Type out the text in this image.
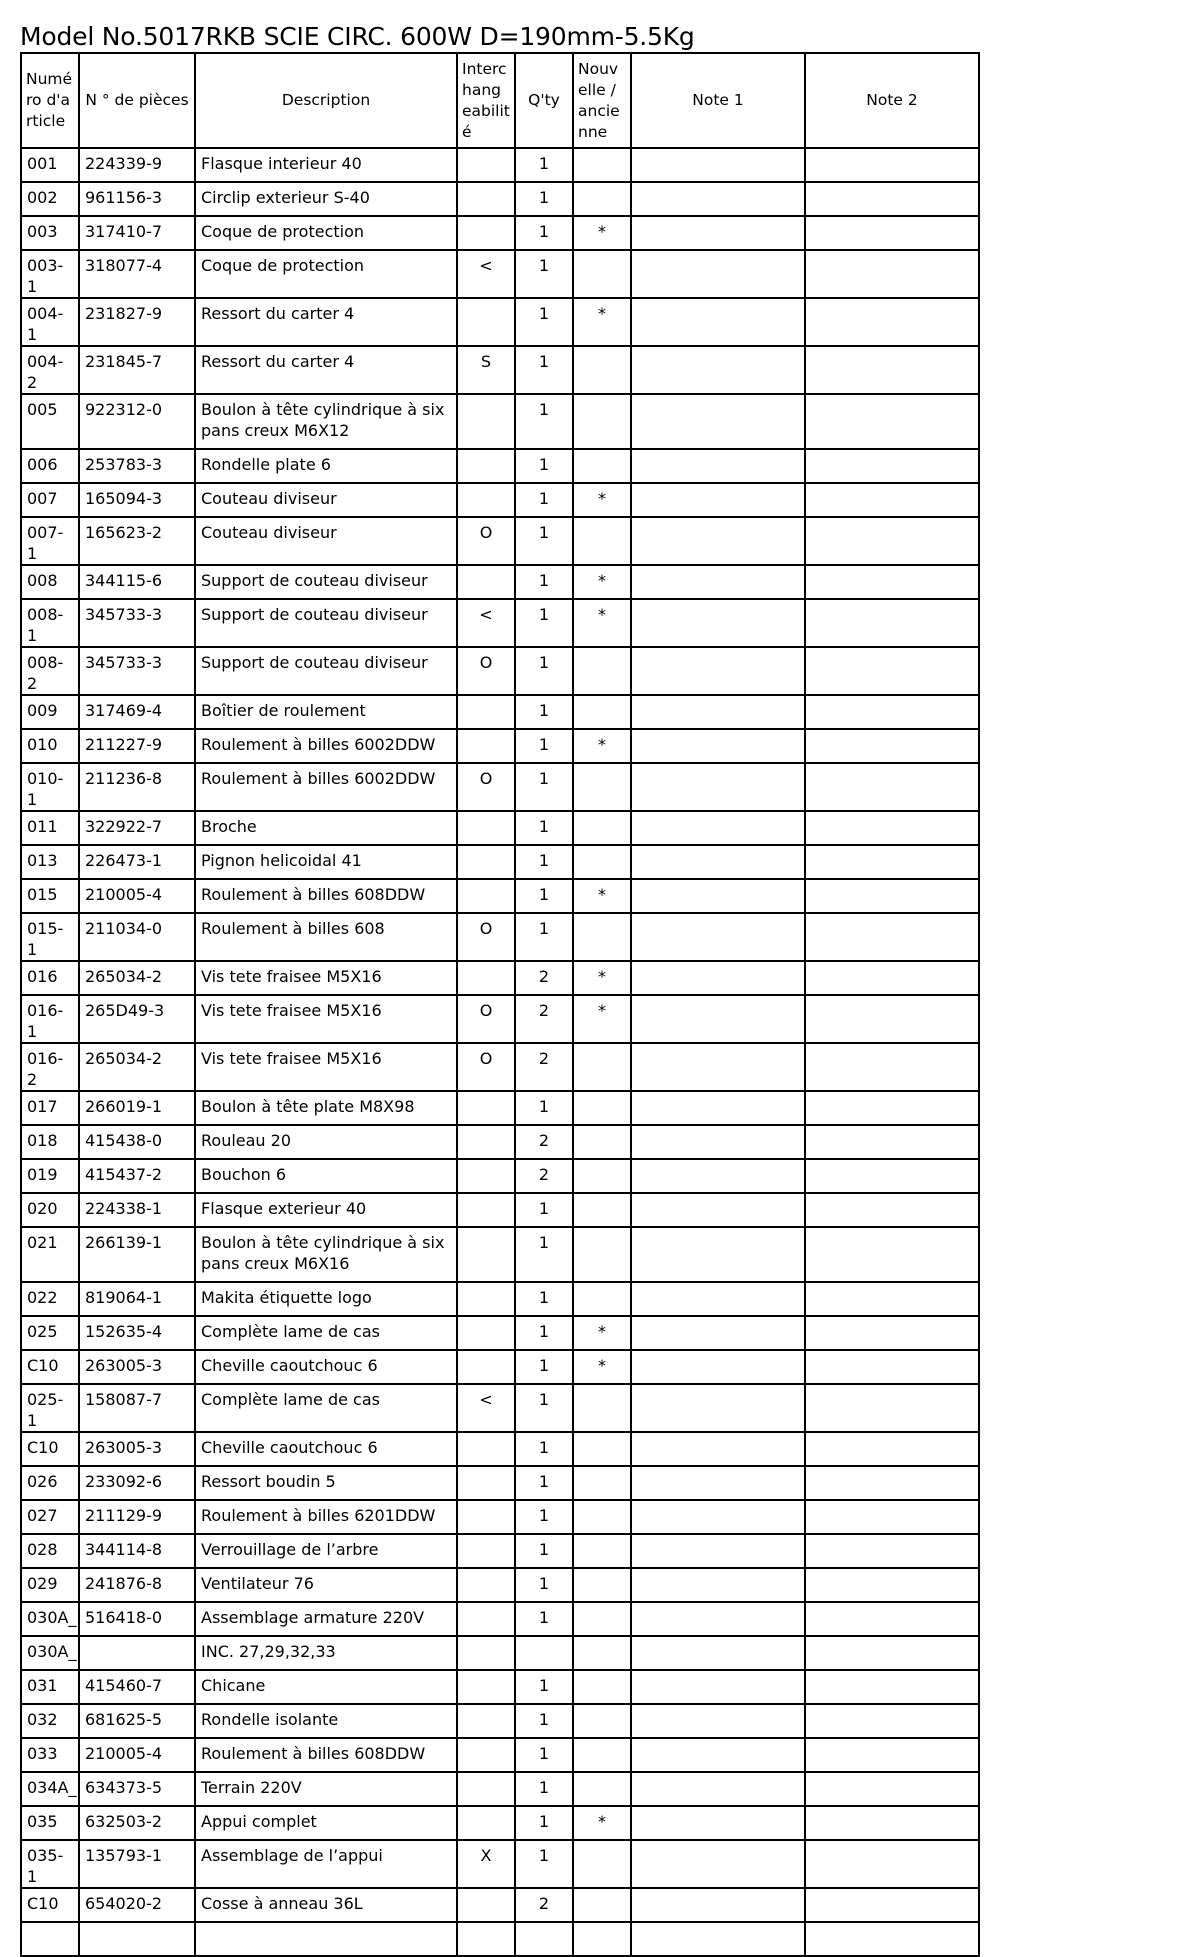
Model No.5017RKB SCIE CIRC. 600W D=190mm-5.5Kg
Numéro d'article	N ° de pièces	Description	Interchangeabilité	Q'ty	Nouvelle / ancienne	Note 1	Note 2
001	224339-9	Flasque interieur 40		1			
002	961156-3	Circlip exterieur S-40		1			
003	317410-7	Coque de protection		1	*		
003-1	318077-4	Coque de protection	<	1			
004-1	231827-9	Ressort du carter 4		1	*		
004-2	231845-7	Ressort du carter 4	S	1			
005	922312-0	Boulon à tête cylindrique à six pans creux M6X12		1			
006	253783-3	Rondelle plate 6		1			
007	165094-3	Couteau diviseur		1	*		
007-1	165623-2	Couteau diviseur	O	1			
008	344115-6	Support de couteau diviseur		1	*		
008-1	345733-3	Support de couteau diviseur	<	1	*		
008-2	345733-3	Support de couteau diviseur	O	1			
009	317469-4	Boîtier de roulement		1			
010	211227-9	Roulement à billes 6002DDW		1	*		
010-1	211236-8	Roulement à billes 6002DDW	O	1			
011	322922-7	Broche		1			
013	226473-1	Pignon helicoidal 41		1			
015	210005-4	Roulement à billes 608DDW		1	*		
015-1	211034-0	Roulement à billes 608	O	1			
016	265034-2	Vis tete fraisee M5X16		2	*		
016-1	265D49-3	Vis tete fraisee M5X16	O	2	*		
016-2	265034-2	Vis tete fraisee M5X16	O	2			
017	266019-1	Boulon à tête plate M8X98		1			
018	415438-0	Rouleau 20		2			
019	415437-2	Bouchon 6		2			
020	224338-1	Flasque exterieur 40		1			
021	266139-1	Boulon à tête cylindrique à six pans creux M6X16		1			
022	819064-1	Makita étiquette logo		1			
025	152635-4	Complète lame de cas		1	*		
C10	263005-3	Cheville caoutchouc 6		1	*		
025-1	158087-7	Complète lame de cas	<	1			
C10	263005-3	Cheville caoutchouc 6		1			
026	233092-6	Ressort boudin 5		1			
027	211129-9	Roulement à billes 6201DDW		1			
028	344114-8	Verrouillage de l’arbre		1			
029	241876-8	Ventilateur 76		1			
030A_	516418-0	Assemblage armature 220V		1			
030A_		INC. 27,29,32,33					
031	415460-7	Chicane		1			
032	681625-5	Rondelle isolante		1			
033	210005-4	Roulement à billes 608DDW		1			
034A_	634373-5	Terrain 220V		1			
035	632503-2	Appui complet		1	*		
035-1	135793-1	Assemblage de l’appui	X	1			
C10	654020-2	Cosse à anneau 36L		2			
